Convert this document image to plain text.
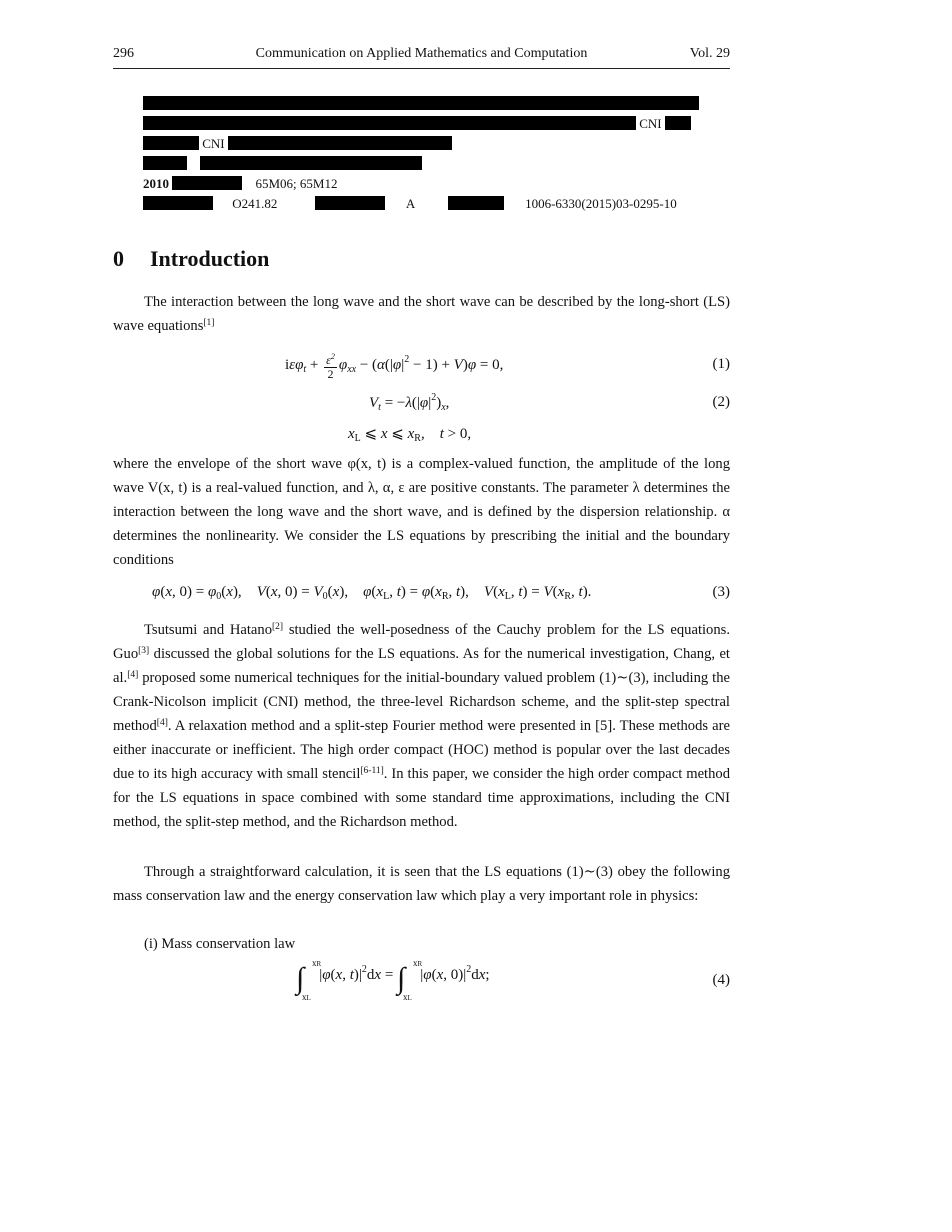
296	Communication on Applied Mathematics and Computation	Vol. 29
CNI
CNI

2010	65M06; 65M12
O241.82	A	1006-6330(2015)03-0295-10
0 Introduction
The interaction between the long wave and the short wave can be described by the long-short (LS) wave equations[1]
$i\varepsilon\varphi_t + \frac{\varepsilon^2}{2} \varphi_{xx} - (\alpha(|\varphi|^2 - 1) + V)\varphi = 0$,	(1)
$V_t = -\lambda(|\varphi|^2)_x$,	(2)
$x_L$ ⩽ x ⩽ $x_R$,    t > 0,
where the envelope of the short wave φ(x, t) is a complex-valued function, the amplitude of the long wave V(x, t) is a real-valued function, and λ, α, ε are positive constants. The parameter λ determines the interaction between the long wave and the short wave, and is defined by the dispersion relationship. α determines the nonlinearity. We consider the LS equations by prescribing the initial and the boundary conditions
φ(x, $0) = \varphi_0(x)$,    V(x, $0) = V_0(x)$,    $\varphi(x_L$, $t) = \varphi(x_R$, t),    $V(x_L$, $t) = V(x_R$, t).	(3)
Tsutsumi and Hatano[2] studied the well-posedness of the Cauchy problem for the LS equations. Guo[3] discussed the global solutions for the LS equations. As for the numerical investigation, Chang, et al.[4] proposed some numerical techniques for the initial-boundary valued problem (1)∼(3), including the Crank-Nicolson implicit (CNI) method, the three-level Richardson scheme, and the split-step spectral method[4]. A relaxation method and a split-step Fourier method were presented in [5]. These methods are either inaccurate or inefficient. The high order compact (HOC) method is popular over the last decades due to its high accuracy with small stencil[6-11]. In this paper, we consider the high order compact method for the LS equations in space combined with some standard time approximations, including the CNI method, the split-step method, and the Richardson method.
Through a straightforward calculation, it is seen that the LS equations (1)∼(3) obey the following mass conservation law and the energy conservation law which play a very important role in physics:
(i) Mass conservation law
∫ xR
xL
|φ(x, $t)|^2dx$ = ∫ xR
xL
|φ(x, $0)|^2dx$;	(4)
